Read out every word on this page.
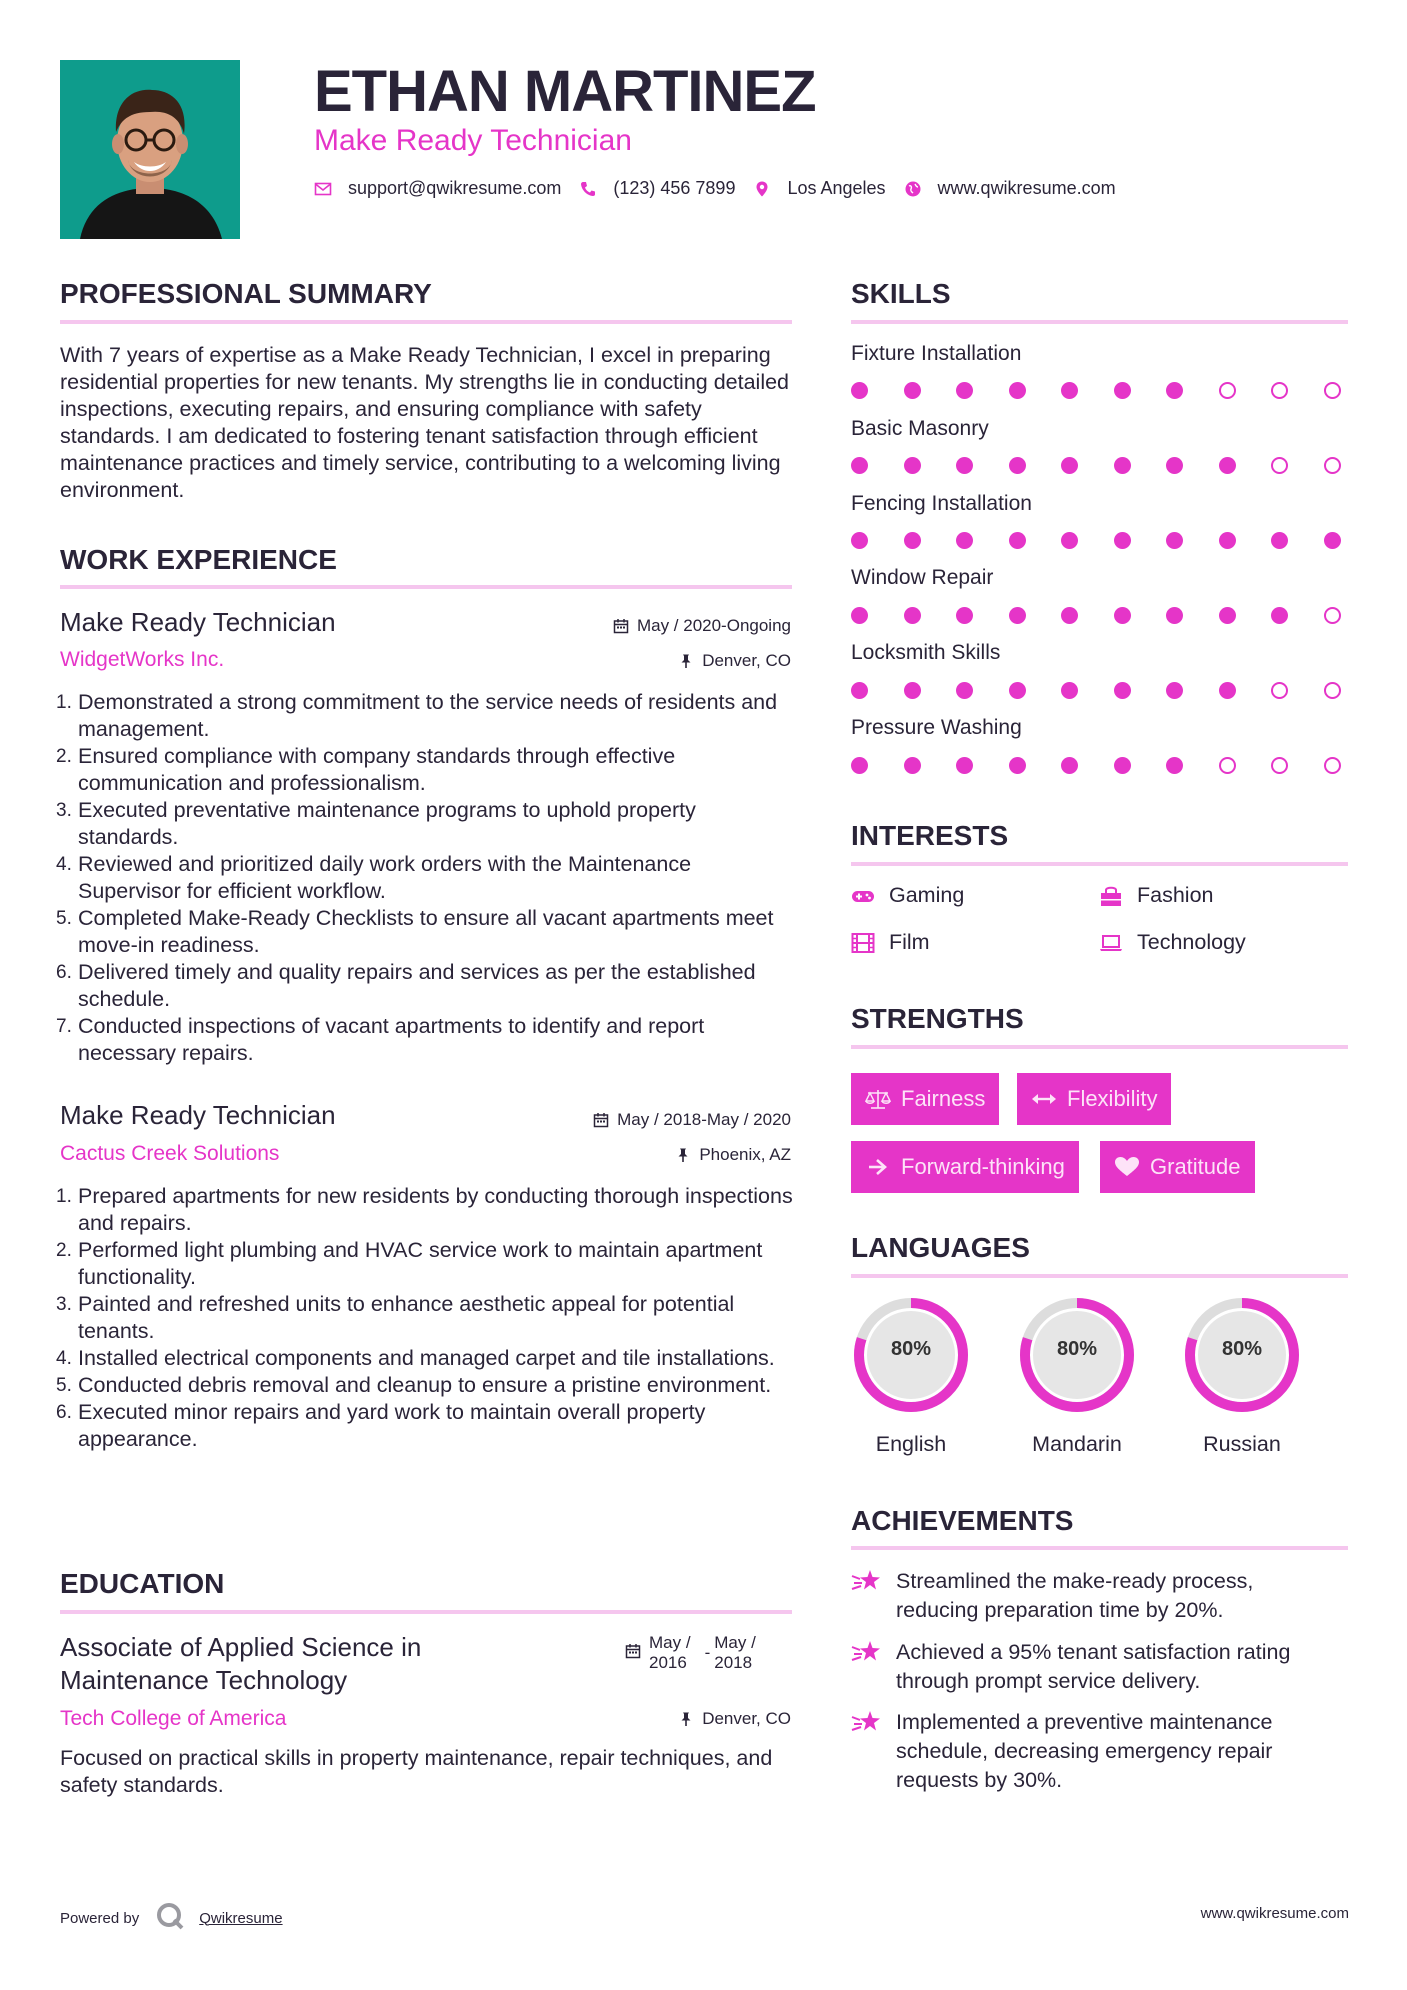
ETHAN MARTINEZ
Make Ready Technician
support@qwikresume.com	(123) 456 7899	Los Angeles	www.qwikresume.com
PROFESSIONAL SUMMARY
With 7 years of expertise as a Make Ready Technician, I excel in preparing residential properties for new tenants. My strengths lie in conducting detailed inspections, executing repairs, and ensuring compliance with safety standards. I am dedicated to fostering tenant satisfaction through efficient maintenance practices and timely service, contributing to a welcoming living environment.
WORK EXPERIENCE
Make Ready Technician	May / 2020-Ongoing
WidgetWorks Inc.	Denver, CO
1. Demonstrated a strong commitment to the service needs of residents and management.
2. Ensured compliance with company standards through effective communication and professionalism.
3. Executed preventative maintenance programs to uphold property standards.
4. Reviewed and prioritized daily work orders with the Maintenance Supervisor for efficient workflow.
5. Completed Make-Ready Checklists to ensure all vacant apartments meet move-in readiness.
6. Delivered timely and quality repairs and services as per the established schedule.
7. Conducted inspections of vacant apartments to identify and report necessary repairs.
Make Ready Technician	May / 2018-May / 2020
Cactus Creek Solutions	Phoenix, AZ
1. Prepared apartments for new residents by conducting thorough inspections and repairs.
2. Performed light plumbing and HVAC service work to maintain apartment functionality.
3. Painted and refreshed units to enhance aesthetic appeal for potential tenants.
4. Installed electrical components and managed carpet and tile installations.
5. Conducted debris removal and cleanup to ensure a pristine environment.
6. Executed minor repairs and yard work to maintain overall property appearance.
EDUCATION
Associate of Applied Science in
Maintenance Technology
May /
2016
-
May /
2018
Tech College of America	Denver, CO
Focused on practical skills in property maintenance, repair techniques, and safety standards.
SKILLS
Fixture Installation
Basic Masonry
Fencing Installation
Window Repair
Locksmith Skills
Pressure Washing
INTERESTS
Gaming	Fashion
Film	Technology
STRENGTHS
Fairness	Flexibility
Forward-thinking	Gratitude
LANGUAGES
80%
English
80%
Mandarin
80%
Russian
ACHIEVEMENTS
Streamlined the make-ready process, reducing preparation time by 20%.
Achieved a 95% tenant satisfaction rating through prompt service delivery.
Implemented a preventive maintenance schedule, decreasing emergency repair requests by 30%.
Powered by	Qwikresume	www.qwikresume.com
